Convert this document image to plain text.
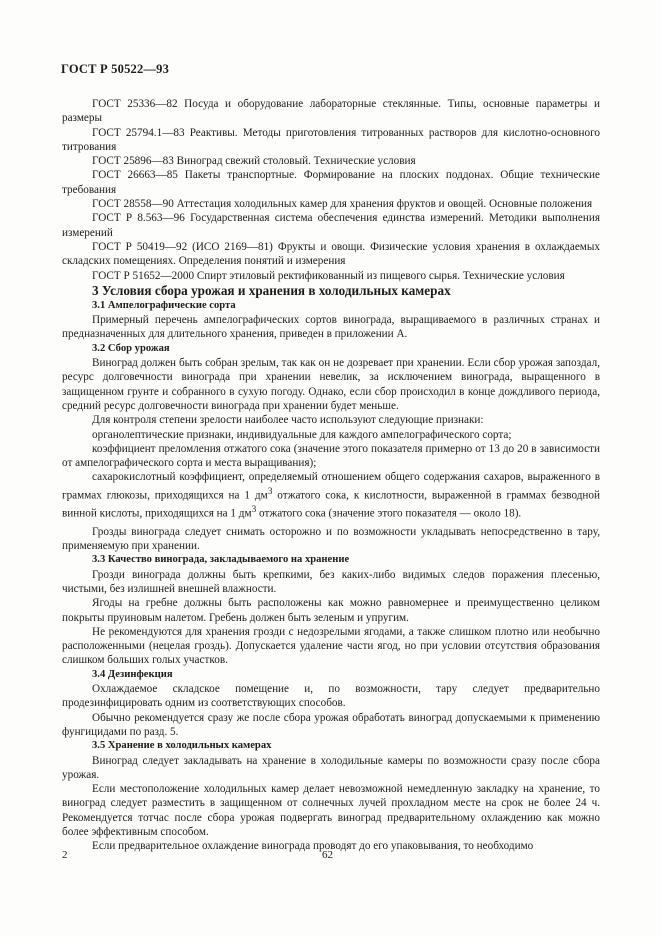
ГОСТ Р 50522—93

ГОСТ 25336—82 Посуда и оборудование лабораторные стеклянные. Типы, основные параметры и размеры

ГОСТ 25794.1—83 Реактивы. Методы приготовления титрованных растворов для кислотно-основного титрования

ГОСТ 25896—83 Виноград свежий столовый. Технические условия

ГОСТ 26663—85 Пакеты транспортные. Формирование на плоских поддонах. Общие технические требования

ГОСТ 28558—90 Аттестация холодильных камер для хранения фруктов и овощей. Основные положения

ГОСТ Р 8.563—96 Государственная система обеспечения единства измерений. Методики выполнения измерений

ГОСТ Р 50419—92 (ИСО 2169—81) Фрукты и овощи. Физические условия хранения в охлаждаемых складских помещениях. Определения понятий и измерения

ГОСТ Р 51652—2000 Спирт этиловый ректификованный из пищевого сырья. Технические условия

3 Условия сбора урожая и хранения в холодильных камерах

3.1 Ампелографические сорта

Примерный перечень ампелографических сортов винограда, выращиваемого в различных странах и предназначенных для длительного хранения, приведен в приложении А.

3.2 Сбор урожая

Виноград должен быть собран зрелым, так как он не дозревает при хранении. Если сбор урожая запоздал, ресурс долговечности винограда при хранении невелик, за исключением винограда, выращенного в защищенном грунте и собранного в сухую погоду. Однако, если сбор происходил в конце дождливого периода, средний ресурс долговечности винограда при хранении будет меньше.

Для контроля степени зрелости наиболее часто используют следующие признаки:

органолептические признаки, индивидуальные для каждого ампелографического сорта;

коэффициент преломления отжатого сока (значение этого показателя примерно от 13 до 20 в зависимости от ампелографического сорта и места выращивания);

сахарокислотный коэффициент, определяемый отношением общего содержания сахаров, выраженного в граммах глюкозы, приходящихся на 1 $дм^3$ отжатого сока, к кислотности, выраженной в граммах безводной винной кислоты, приходящихся на 1 $дм^3$ отжатого сока (значение этого показателя — около 18).

Грозды винограда следует снимать осторожно и по возможности укладывать непосредственно в тару, применяемую при хранении.

3.3 Качество винограда, закладываемого на хранение

Грозди винограда должны быть крепкими, без каких-либо видимых следов поражения плесенью, чистыми, без излишней внешней влажности.

Ягоды на гребне должны быть расположены как можно равномернее и преимущественно целиком покрыты пруиновым налетом. Гребень должен быть зеленым и упругим.

Не рекомендуются для хранения грозди с недозрелыми ягодами, а также слишком плотно или необычно расположенными (нецелая гроздь). Допускается удаление части ягод, но при условии отсутствия образования слишком больших голых участков.

3.4 Дезинфекция

Охлаждаемое складское помещение и, по возможности, тару следует предварительно продезинфицировать одним из соответствующих способов.

Обычно рекомендуется сразу же после сбора урожая обработать виноград допускаемыми к применению фунгицидами по разд. 5.

3.5 Хранение в холодильных камерах

Виноград следует закладывать на хранение в холодильные камеры по возможности сразу после сбора урожая.

Если местоположение холодильных камер делает невозможной немедленную закладку на хранение, то виноград следует разместить в защищенном от солнечных лучей прохладном месте на срок не более 24 ч. Рекомендуется тотчас после сбора урожая подвергать виноград предварительному охлаждению как можно более эффективным способом.

Если предварительное охлаждение винограда проводят до его упаковывания, то необходимо

2	62
